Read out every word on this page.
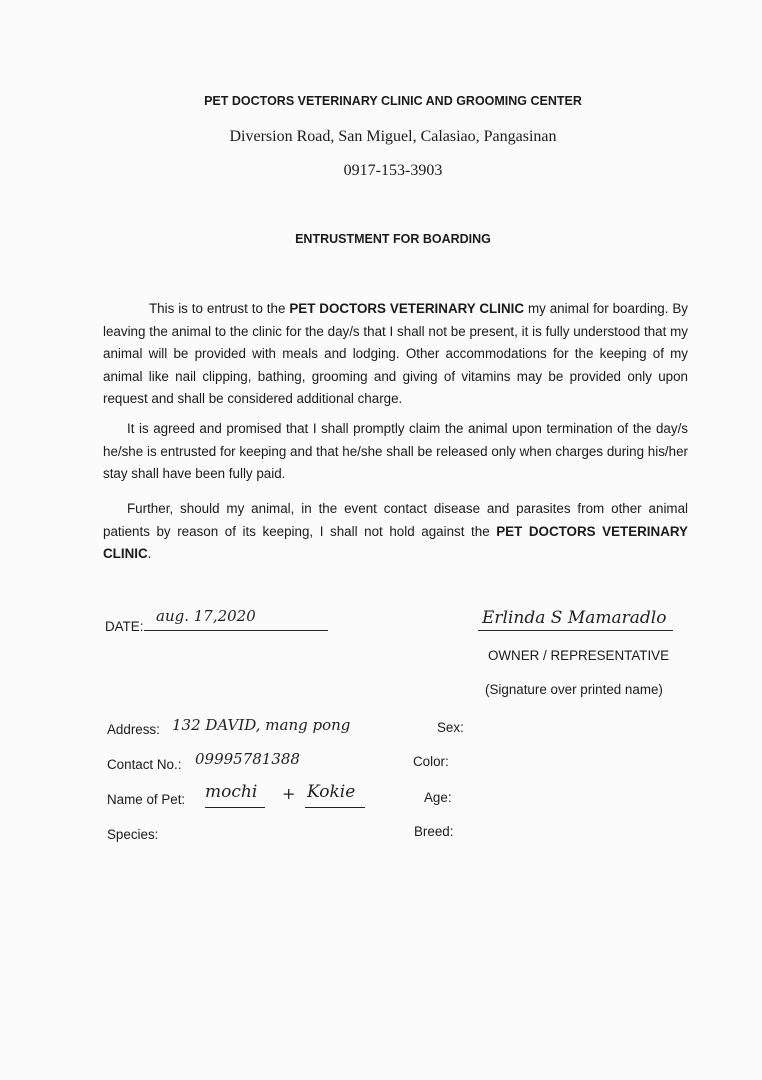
PET DOCTORS VETERINARY CLINIC AND GROOMING CENTER
Diversion Road, San Miguel, Calasiao, Pangasinan
0917-153-3903
ENTRUSTMENT FOR BOARDING

This is to entrust to the PET DOCTORS VETERINARY CLINIC my animal for boarding. By leaving the animal to the clinic for the day/s that I shall not be present, it is fully understood that my animal will be provided with meals and lodging. Other accommodations for the keeping of my animal like nail clipping, bathing, grooming and giving of vitamins may be provided only upon request and shall be considered additional charge.

It is agreed and promised that I shall promptly claim the animal upon termination of the day/s he/she is entrusted for keeping and that he/she shall be released only when charges during his/her stay shall have been fully paid.

Further, should my animal, in the event contact disease and parasites from other animal patients by reason of its keeping, I shall not hold against the PET DOCTORS VETERINARY CLINIC.

DATE:
aug. 17,2020	Erlinda S Mamaradlo
OWNER / REPRESENTATIVE
(Signature over printed name)
Address: 132 DAVID, mang pong
Contact No.: 09995781388
Name of Pet: mochi + Kokie
Species:
Sex:
Color:
Age:
Breed:
